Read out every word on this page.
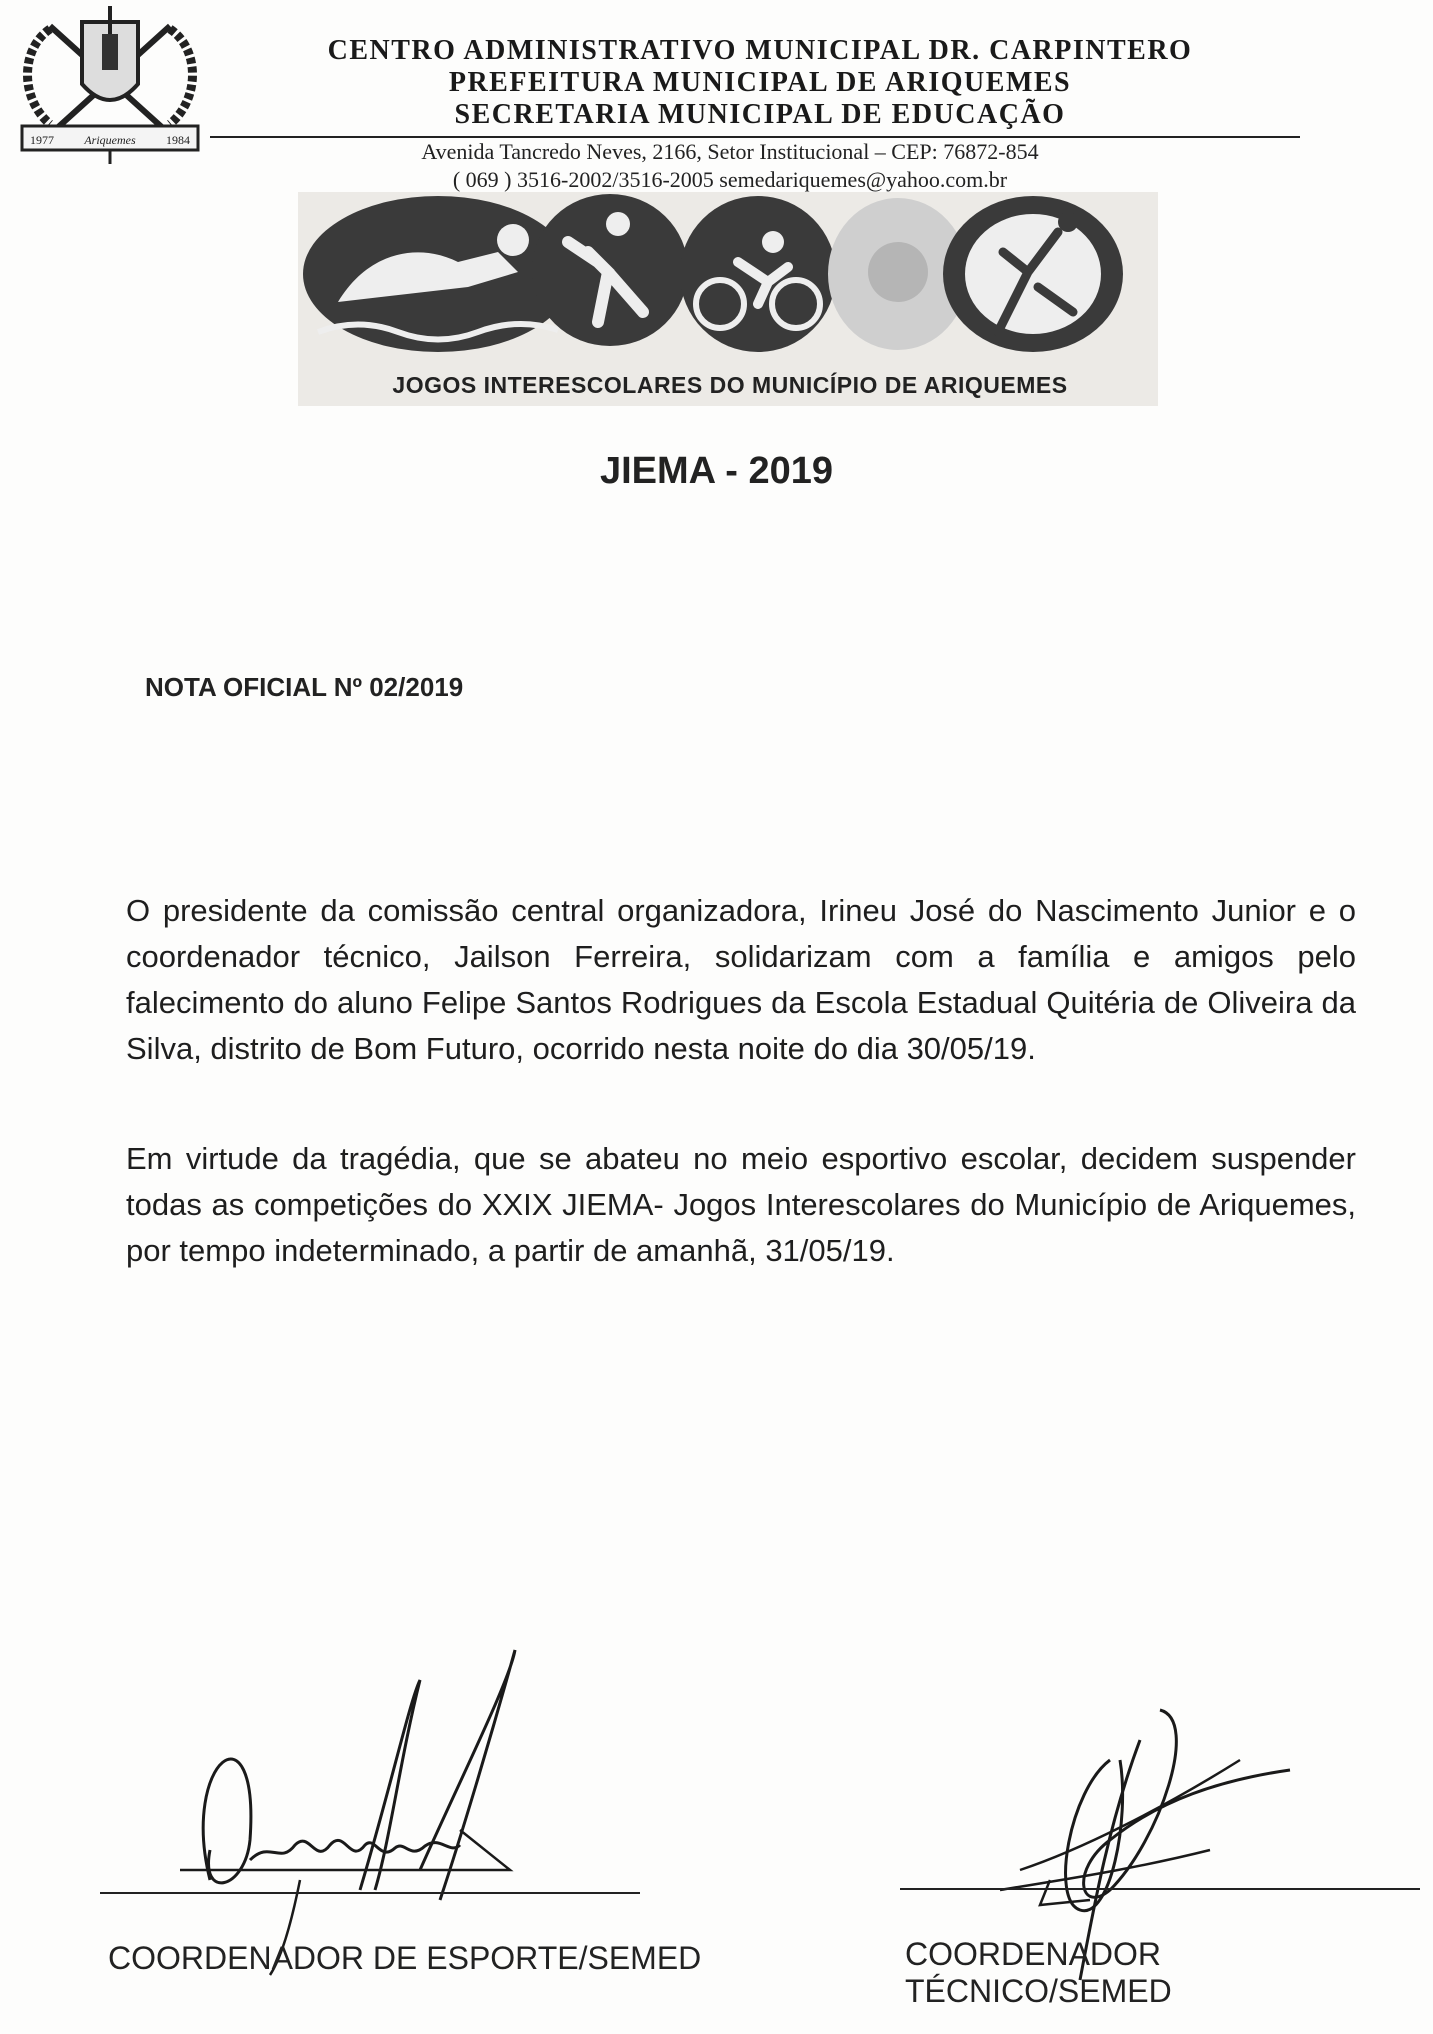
1977	Ariquemes	1984
CENTRO ADMINISTRATIVO MUNICIPAL DR. CARPINTERO
PREFEITURA MUNICIPAL DE ARIQUEMES
SECRETARIA MUNICIPAL DE EDUCAÇÃO
Avenida Tancredo Neves, 2166, Setor Institucional – CEP: 76872-854
( 069 ) 3516-2002/3516-2005 semedariquemes@yahoo.com.br
JOGOS INTERESCOLARES DO MUNICÍPIO DE ARIQUEMES
JIEMA - 2019
NOTA OFICIAL Nº 02/2019
O presidente da comissão central organizadora, Irineu José do Nascimento Junior e o coordenador técnico, Jailson Ferreira, solidarizam com a família e amigos pelo falecimento do aluno Felipe Santos Rodrigues da Escola Estadual Quitéria de Oliveira da Silva, distrito de Bom Futuro, ocorrido nesta noite do dia 30/05/19.
Em virtude da tragédia, que se abateu no meio esportivo escolar, decidem suspender todas as competições do XXIX JIEMA- Jogos Interescolares do Município de Ariquemes, por tempo indeterminado, a partir de amanhã, 31/05/19.
COORDENADOR DE ESPORTE/SEMED	COORDENADOR TÉCNICO/SEMED
